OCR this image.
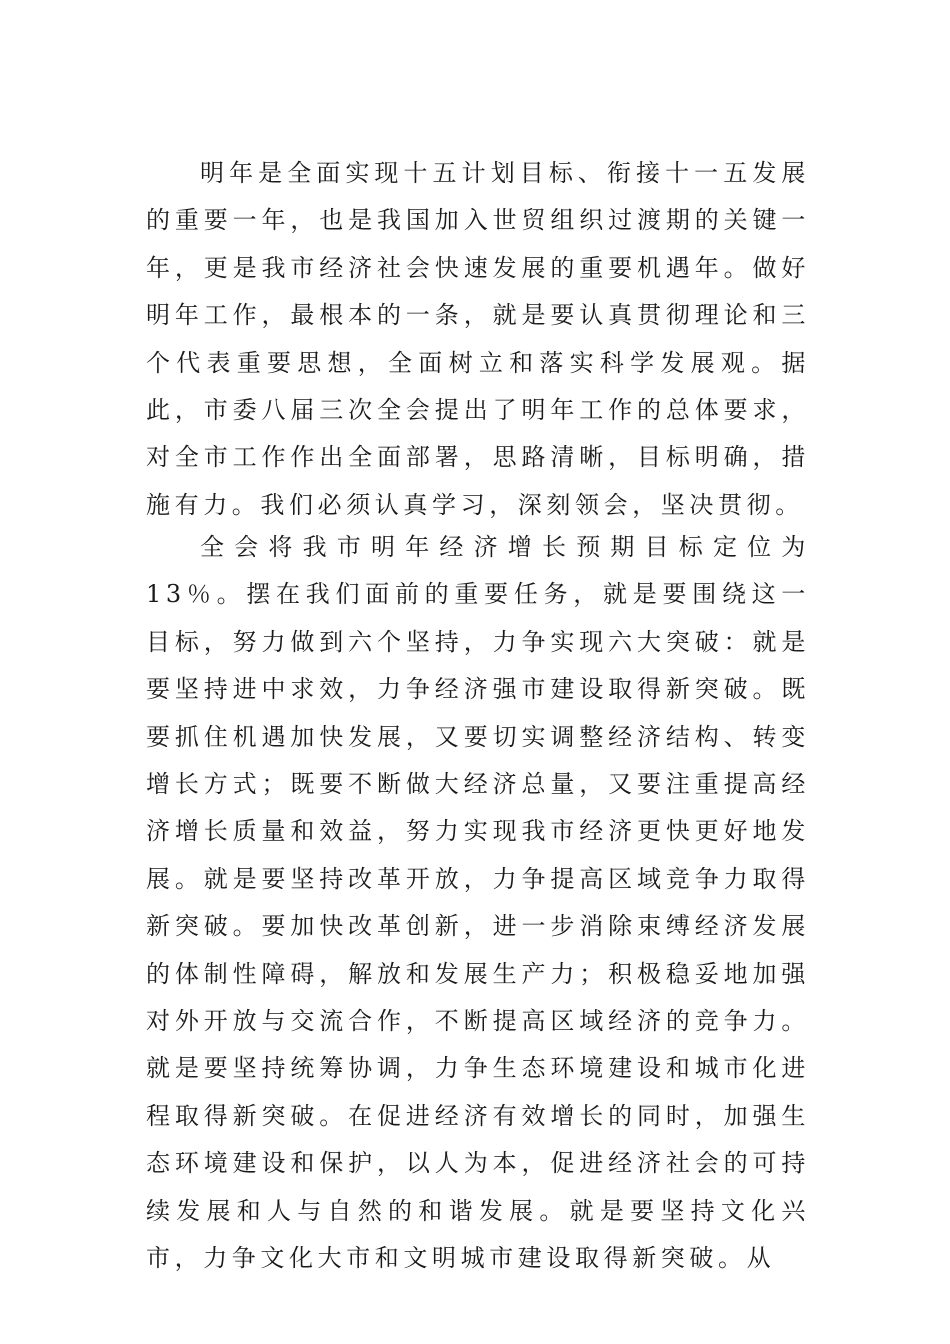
明年是全面实现十五计划目标、衔接十一五发展的重要一年，也是我国加入世贸组织过渡期的关键一年，更是我市经济社会快速发展的重要机遇年。做好明年工作，最根本的一条，就是要认真贯彻理论和三个代表重要思想，全面树立和落实科学发展观。据此，市委八届三次全会提出了明年工作的总体要求，对全市工作作出全面部署，思路清晰，目标明确，措施有力。我们必须认真学习，深刻领会，坚决贯彻。

全会将我市明年经济增长预期目标定位为13％。摆在我们面前的重要任务，就是要围绕这一目标，努力做到六个坚持，力争实现六大突破：就是要坚持进中求效，力争经济强市建设取得新突破。既要抓住机遇加快发展，又要切实调整经济结构、转变增长方式；既要不断做大经济总量，又要注重提高经济增长质量和效益，努力实现我市经济更快更好地发展。就是要坚持改革开放，力争提高区域竞争力取得新突破。要加快改革创新，进一步消除束缚经济发展的体制性障碍，解放和发展生产力；积极稳妥地加强对外开放与交流合作，不断提高区域经济的竞争力。就是要坚持统筹协调，力争生态环境建设和城市化进程取得新突破。在促进经济有效增长的同时，加强生态环境建设和保护，以人为本，促进经济社会的可持续发展和人与自然的和谐发展。就是要坚持文化兴市，力争文化大市和文明城市建设取得新突破。从
